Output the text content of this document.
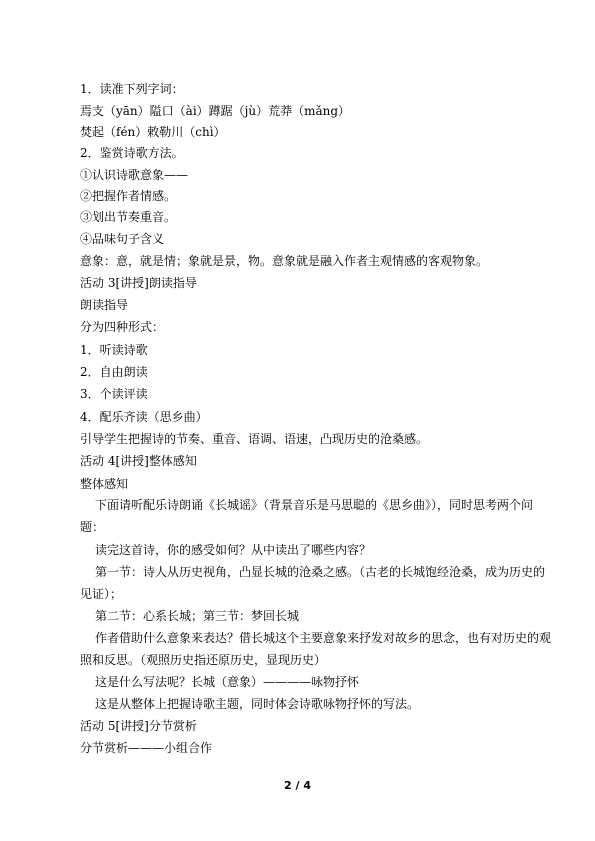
1．读准下列字词：
焉支（yān）隘口（ài）蹲踞（jù）荒莽（mǎng）
焚起（fén）敕勒川（chì）
2．鉴赏诗歌方法。
①认识诗歌意象——
②把握作者情感。
③划出节奏重音。
④品味句子含义
意象：意，就是情；象就是景，物。意象就是融入作者主观情感的客观物象。
活动 3[讲授]朗读指导
朗读指导
分为四种形式：
1．听读诗歌
2．自由朗读
3．个读评读
4．配乐齐读（思乡曲）
引导学生把握诗的节奏、重音、语调、语速，凸现历史的沧桑感。
活动 4[讲授]整体感知
整体感知
下面请听配乐诗朗诵《长城谣》（背景音乐是马思聪的《思乡曲》），同时思考两个问
题：
读完这首诗，你的感受如何？从中读出了哪些内容？
第一节：诗人从历史视角，凸显长城的沧桑之感。（古老的长城饱经沧桑，成为历史的
见证）；
第二节：心系长城；第三节：梦回长城
作者借助什么意象来表达？借长城这个主要意象来抒发对故乡的思念，也有对历史的观
照和反思。（观照历史指还原历史，显现历史）
这是什么写法呢？长城（意象）————咏物抒怀
这是从整体上把握诗歌主题，同时体会诗歌咏物抒怀的写法。
活动 5[讲授]分节赏析
分节赏析———小组合作
2 / 4
